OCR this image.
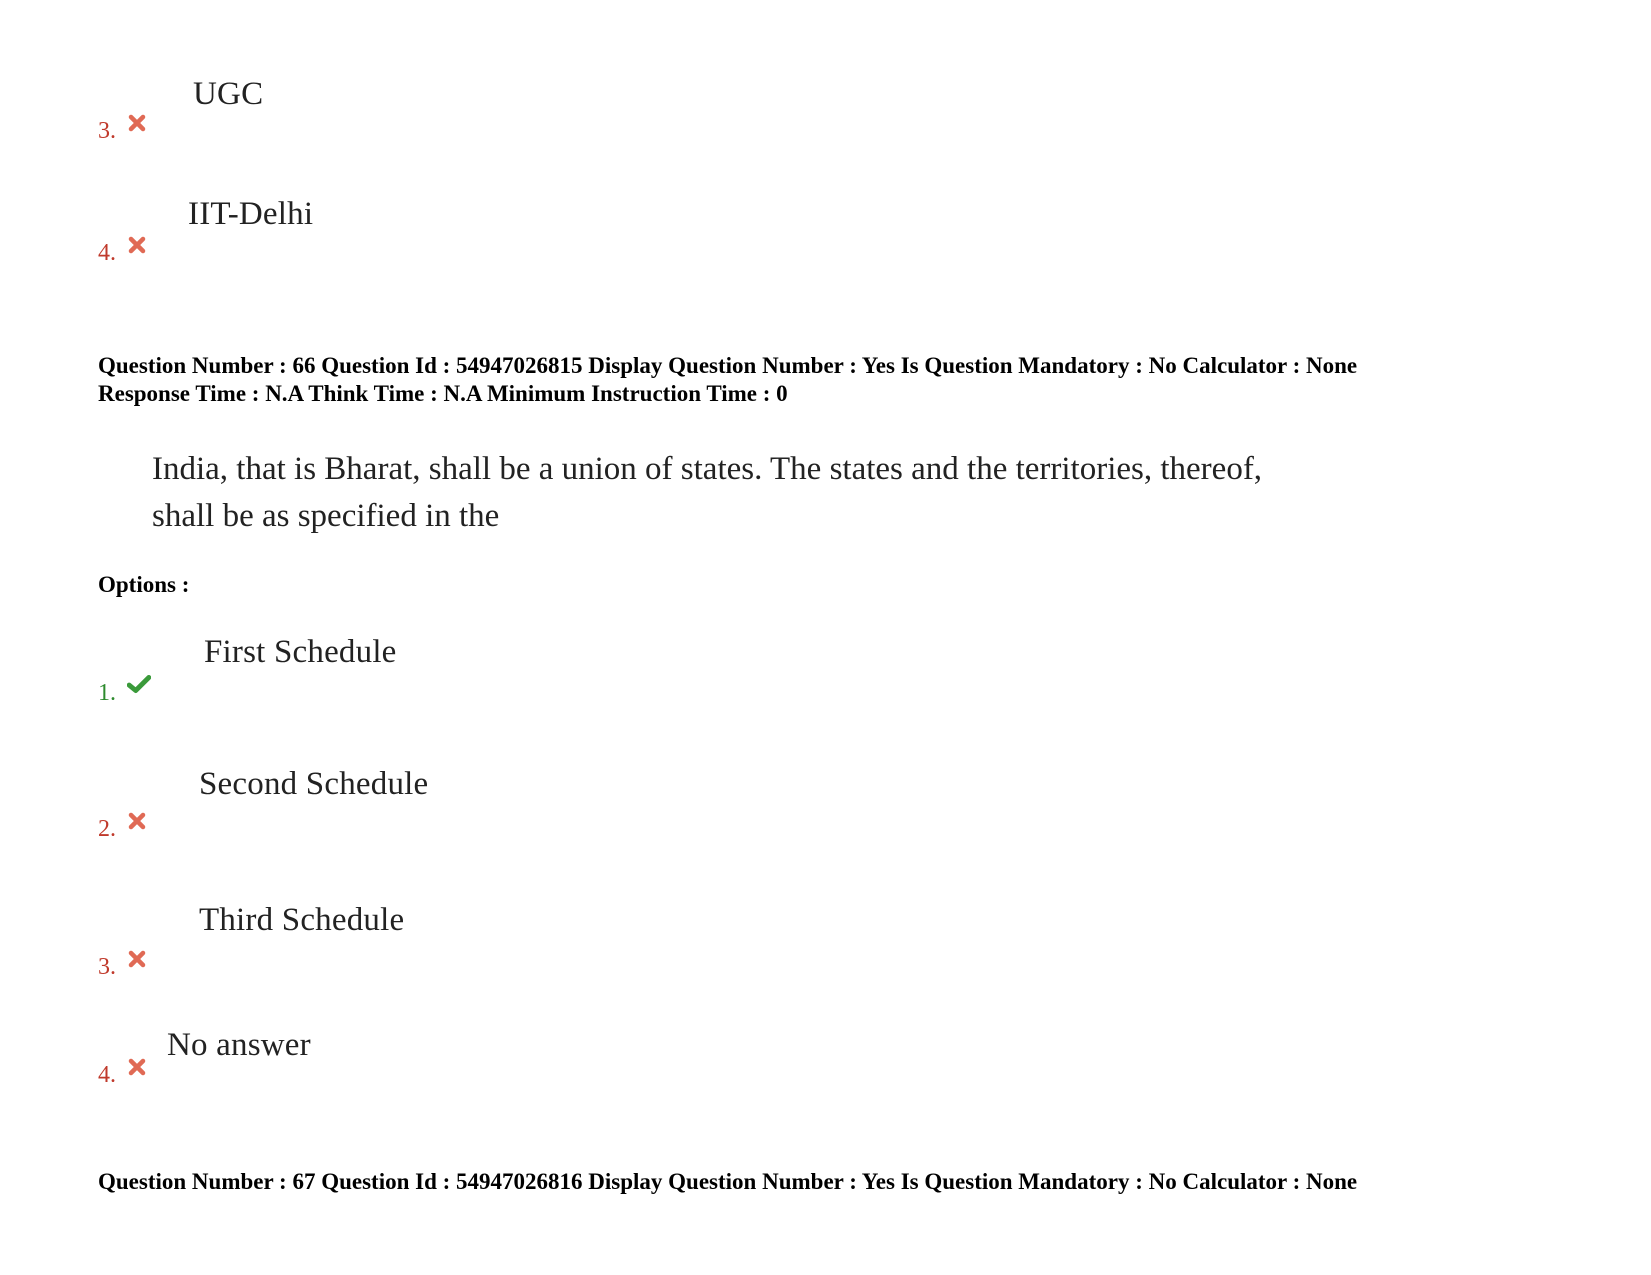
UGC
3.
IIT-Delhi
4.
Question Number : 66 Question Id : 54947026815 Display Question Number : Yes Is Question Mandatory : No Calculator : None
Response Time : N.A Think Time : N.A Minimum Instruction Time : 0
India, that is Bharat, shall be a union of states. The states and the territories, thereof,
shall be as specified in the
Options :
First Schedule
1.
Second Schedule
2.
Third Schedule
3.
No answer
4.
Question Number : 67 Question Id : 54947026816 Display Question Number : Yes Is Question Mandatory : No Calculator : None
